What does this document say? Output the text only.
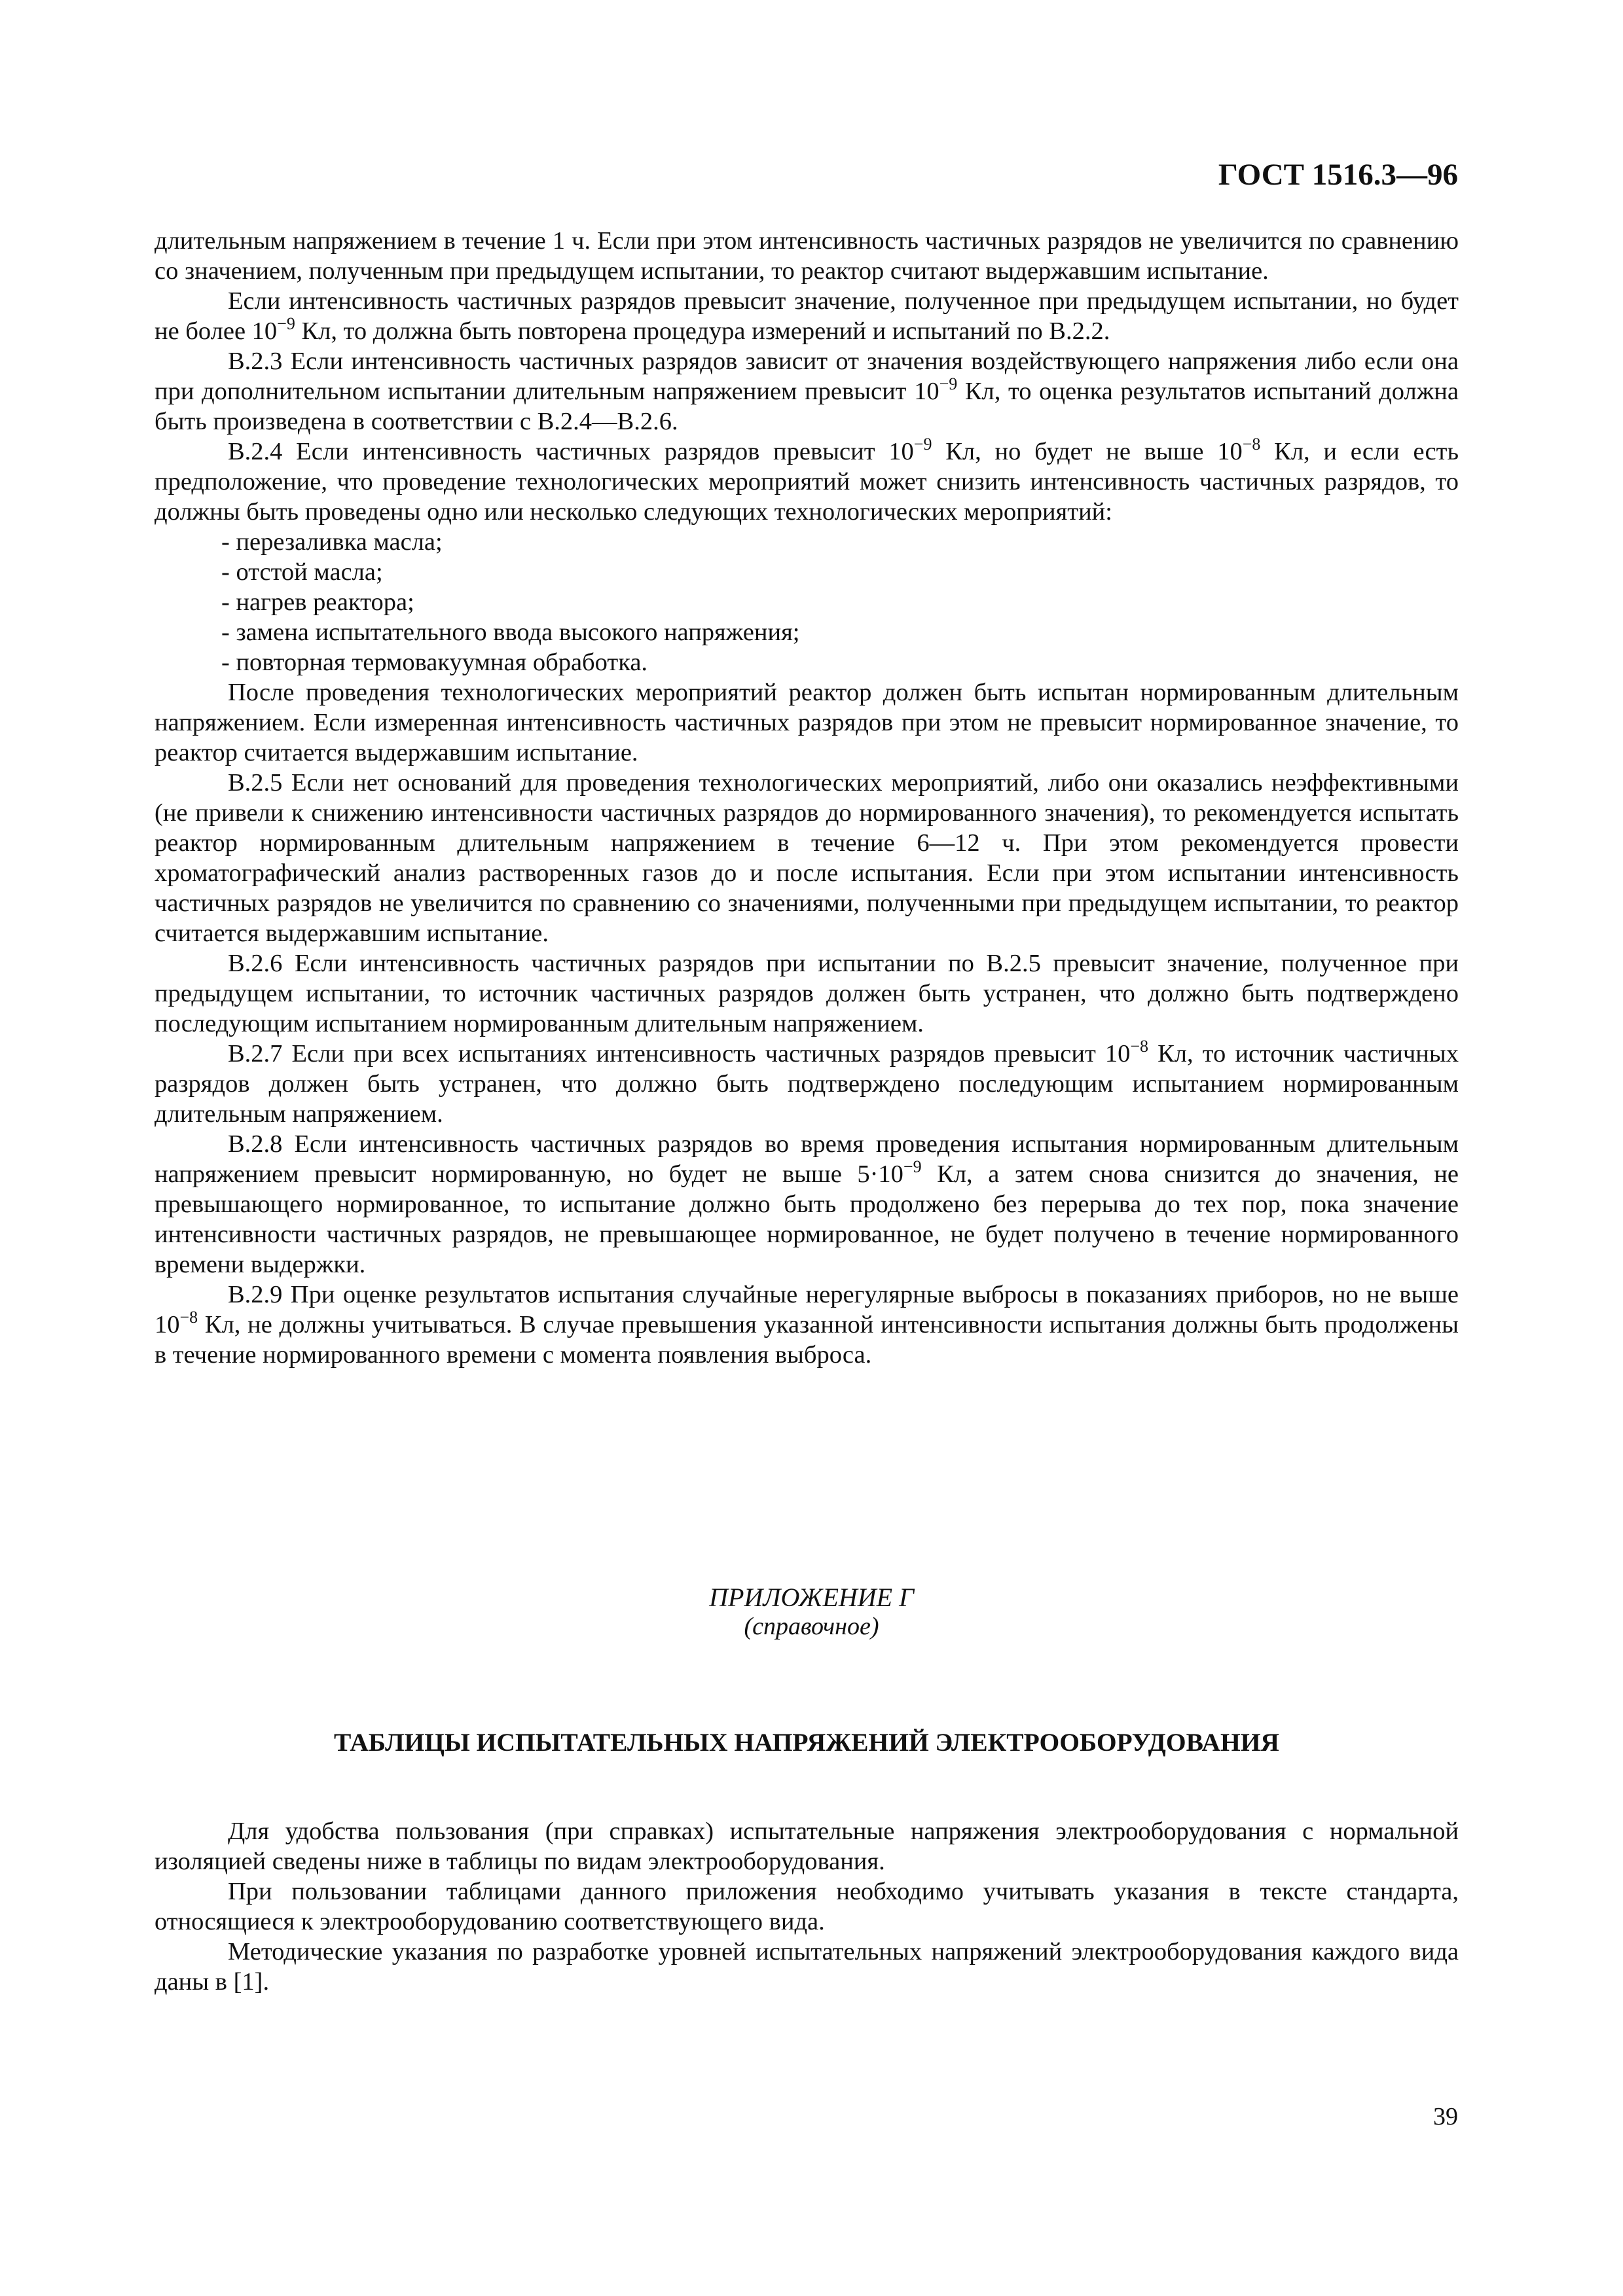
ГОСТ 1516.3—96

длительным напряжением в течение 1 ч. Если при этом интенсивность частичных разрядов не увеличится по сравнению со значением, полученным при предыдущем испытании, то реактор считают выдержавшим испытание.

Если интенсивность частичных разрядов превысит значение, полученное при предыдущем испытании, но будет не более $10^{-9}$ Кл, то должна быть повторена процедура измерений и испытаний по В.2.2.

В.2.3 Если интенсивность частичных разрядов зависит от значения воздействующего напряжения либо если она при дополнительном испытании длительным напряжением превысит $10^{-9}$ Кл, то оценка результатов испытаний должна быть произведена в соответствии с В.2.4—В.2.6.

В.2.4 Если интенсивность частичных разрядов превысит $10^{-9}$ Кл, но будет не выше $10^{-8}$ Кл, и если есть предположение, что проведение технологических мероприятий может снизить интенсивность частичных разрядов, то должны быть проведены одно или несколько следующих технологических мероприятий:

- перезаливка масла;
- отстой масла;
- нагрев реактора;
- замена испытательного ввода высокого напряжения;
- повторная термовакуумная обработка.

После проведения технологических мероприятий реактор должен быть испытан нормированным длительным напряжением. Если измеренная интенсивность частичных разрядов при этом не превысит нормированное значение, то реактор считается выдержавшим испытание.

В.2.5 Если нет оснований для проведения технологических мероприятий, либо они оказались неэффективными (не привели к снижению интенсивности частичных разрядов до нормированного значения), то рекомендуется испытать реактор нормированным длительным напряжением в течение 6—12 ч. При этом рекомендуется провести хроматографический анализ растворенных газов до и после испытания. Если при этом испытании интенсивность частичных разрядов не увеличится по сравнению со значениями, полученными при предыдущем испытании, то реактор считается выдержавшим испытание.

В.2.6 Если интенсивность частичных разрядов при испытании по В.2.5 превысит значение, полученное при предыдущем испытании, то источник частичных разрядов должен быть устранен, что должно быть подтверждено последующим испытанием нормированным длительным напряжением.

В.2.7 Если при всех испытаниях интенсивность частичных разрядов превысит $10^{-8}$ Кл, то источник частичных разрядов должен быть устранен, что должно быть подтверждено последующим испытанием нормированным длительным напряжением.

В.2.8 Если интенсивность частичных разрядов во время проведения испытания нормированным длительным напряжением превысит нормированную, но будет не выше $5\cdot 10^{-9}$ Кл, а затем снова снизится до значения, не превышающего нормированное, то испытание должно быть продолжено без перерыва до тех пор, пока значение интенсивности частичных разрядов, не превышающее нормированное, не будет получено в течение нормированного времени выдержки.

В.2.9 При оценке результатов испытания случайные нерегулярные выбросы в показаниях приборов, но не выше $10^{-8}$ Кл, не должны учитываться. В случае превышения указанной интенсивности испытания должны быть продолжены в течение нормированного времени с момента появления выброса.

ПРИЛОЖЕНИЕ Г
(справочное)
ТАБЛИЦЫ ИСПЫТАТЕЛЬНЫХ НАПРЯЖЕНИЙ ЭЛЕКТРООБОРУДОВАНИЯ

Для удобства пользования (при справках) испытательные напряжения электрооборудования с нормальной изоляцией сведены ниже в таблицы по видам электрооборудования.

При пользовании таблицами данного приложения необходимо учитывать указания в тексте стандарта, относящиеся к электрооборудованию соответствующего вида.

Методические указания по разработке уровней испытательных напряжений электрооборудования каждого вида даны в [1].

39
